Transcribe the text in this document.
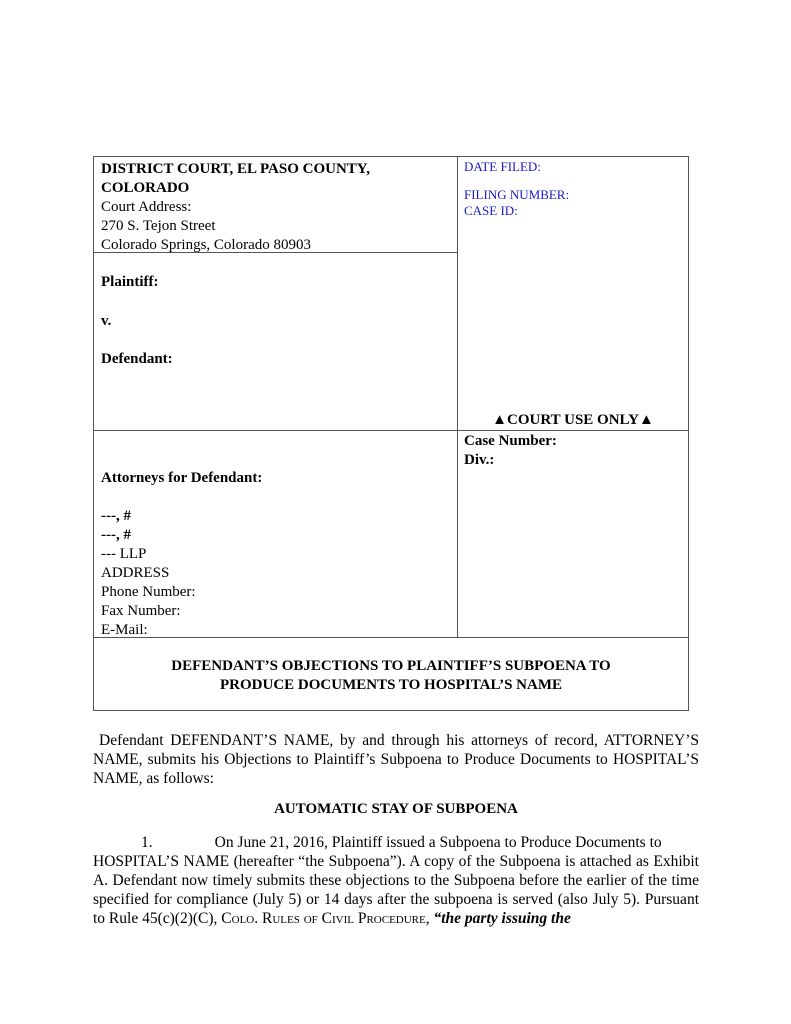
DISTRICT COURT, EL PASO COUNTY,
COLORADO
Court Address:
270 S. Tejon Street
Colorado Springs, Colorado 80903
Plaintiff:
v.
Defendant:
DATE FILED:
FILING NUMBER:
CASE ID:
▲COURT USE ONLY▲
Case Number:
Div.:
Attorneys for Defendant:
---, #
---, #
--- LLP
ADDRESS
Phone Number:
Fax Number:
E-Mail:
DEFENDANT’S OBJECTIONS TO PLAINTIFF’S SUBPOENA TO
PRODUCE DOCUMENTS TO HOSPITAL’S NAME
Defendant DEFENDANT’S NAME, by and through his attorneys of record, ATTORNEY’S NAME, submits his Objections to Plaintiff’s Subpoena to Produce Documents to HOSPITAL’S NAME, as follows:
AUTOMATIC STAY OF SUBPOENA
1.	On June 21, 2016, Plaintiff issued a Subpoena to Produce Documents to
HOSPITAL’S NAME (hereafter “the Subpoena”). A copy of the Subpoena is attached as Exhibit A. Defendant now timely submits these objections to the Subpoena before the earlier of the time specified for compliance (July 5) or 14 days after the subpoena is served (also July 5). Pursuant to Rule 45(c)(2)(C), Colo. Rules of Civil Procedure, “the party issuing the
